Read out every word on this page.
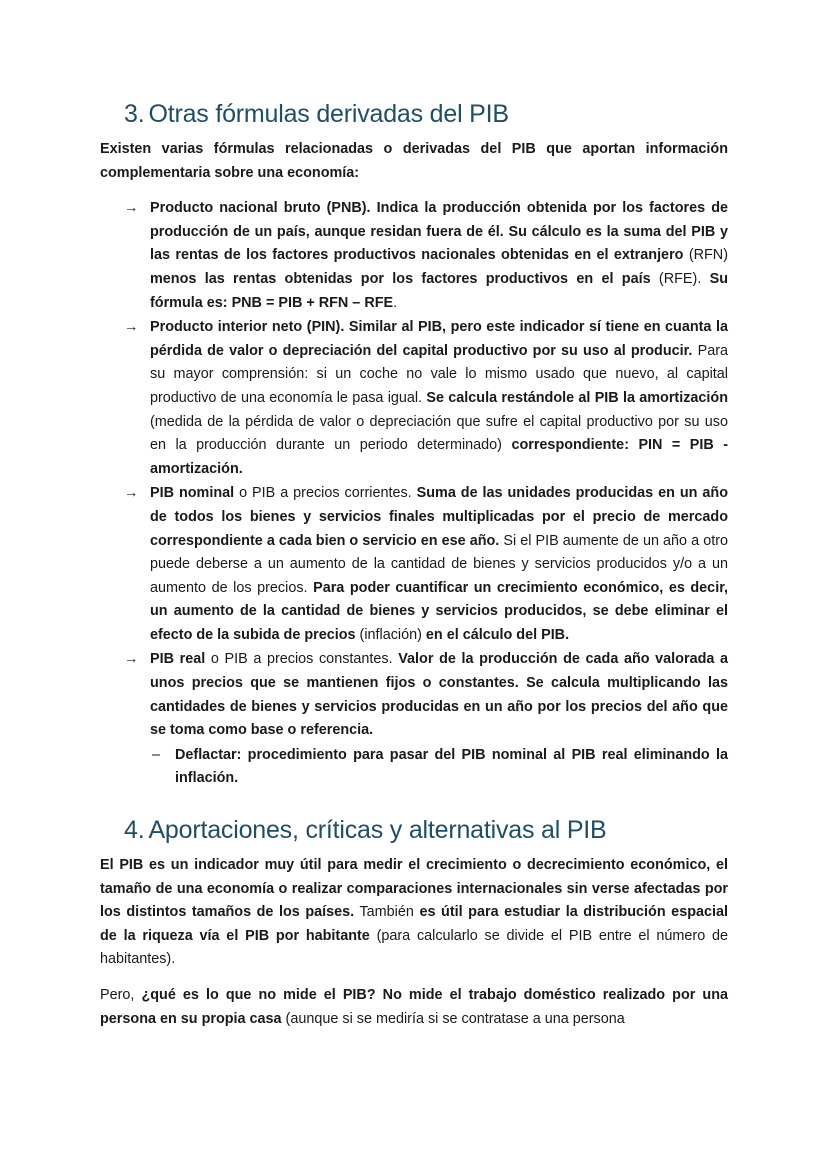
3. Otras fórmulas derivadas del PIB

Existen varias fórmulas relacionadas o derivadas del PIB que aportan información complementaria sobre una economía:

→ Producto nacional bruto (PNB). Indica la producción obtenida por los factores de producción de un país, aunque residan fuera de él. Su cálculo es la suma del PIB y las rentas de los factores productivos nacionales obtenidas en el extranjero (RFN) menos las rentas obtenidas por los factores productivos en el país (RFE). Su fórmula es: PNB = PIB + RFN – RFE.

→ Producto interior neto (PIN). Similar al PIB, pero este indicador sí tiene en cuanta la pérdida de valor o depreciación del capital productivo por su uso al producir. Para su mayor comprensión: si un coche no vale lo mismo usado que nuevo, al capital productivo de una economía le pasa igual. Se calcula restándole al PIB la amortización (medida de la pérdida de valor o depreciación que sufre el capital productivo por su uso en la producción durante un periodo determinado) correspondiente: PIN = PIB - amortización.

→ PIB nominal o PIB a precios corrientes. Suma de las unidades producidas en un año de todos los bienes y servicios finales multiplicadas por el precio de mercado correspondiente a cada bien o servicio en ese año. Si el PIB aumente de un año a otro puede deberse a un aumento de la cantidad de bienes y servicios producidos y/o a un aumento de los precios. Para poder cuantificar un crecimiento económico, es decir, un aumento de la cantidad de bienes y servicios producidos, se debe eliminar el efecto de la subida de precios (inflación) en el cálculo del PIB.

→ PIB real o PIB a precios constantes. Valor de la producción de cada año valorada a unos precios que se mantienen fijos o constantes. Se calcula multiplicando las cantidades de bienes y servicios producidas en un año por los precios del año que se toma como base o referencia.

– Deflactar: procedimiento para pasar del PIB nominal al PIB real eliminando la inflación.

4. Aportaciones, críticas y alternativas al PIB

El PIB es un indicador muy útil para medir el crecimiento o decrecimiento económico, el tamaño de una economía o realizar comparaciones internacionales sin verse afectadas por los distintos tamaños de los países. También es útil para estudiar la distribución espacial de la riqueza vía el PIB por habitante (para calcularlo se divide el PIB entre el número de habitantes).

Pero, ¿qué es lo que no mide el PIB? No mide el trabajo doméstico realizado por una persona en su propia casa (aunque si se mediría si se contratase a una persona
